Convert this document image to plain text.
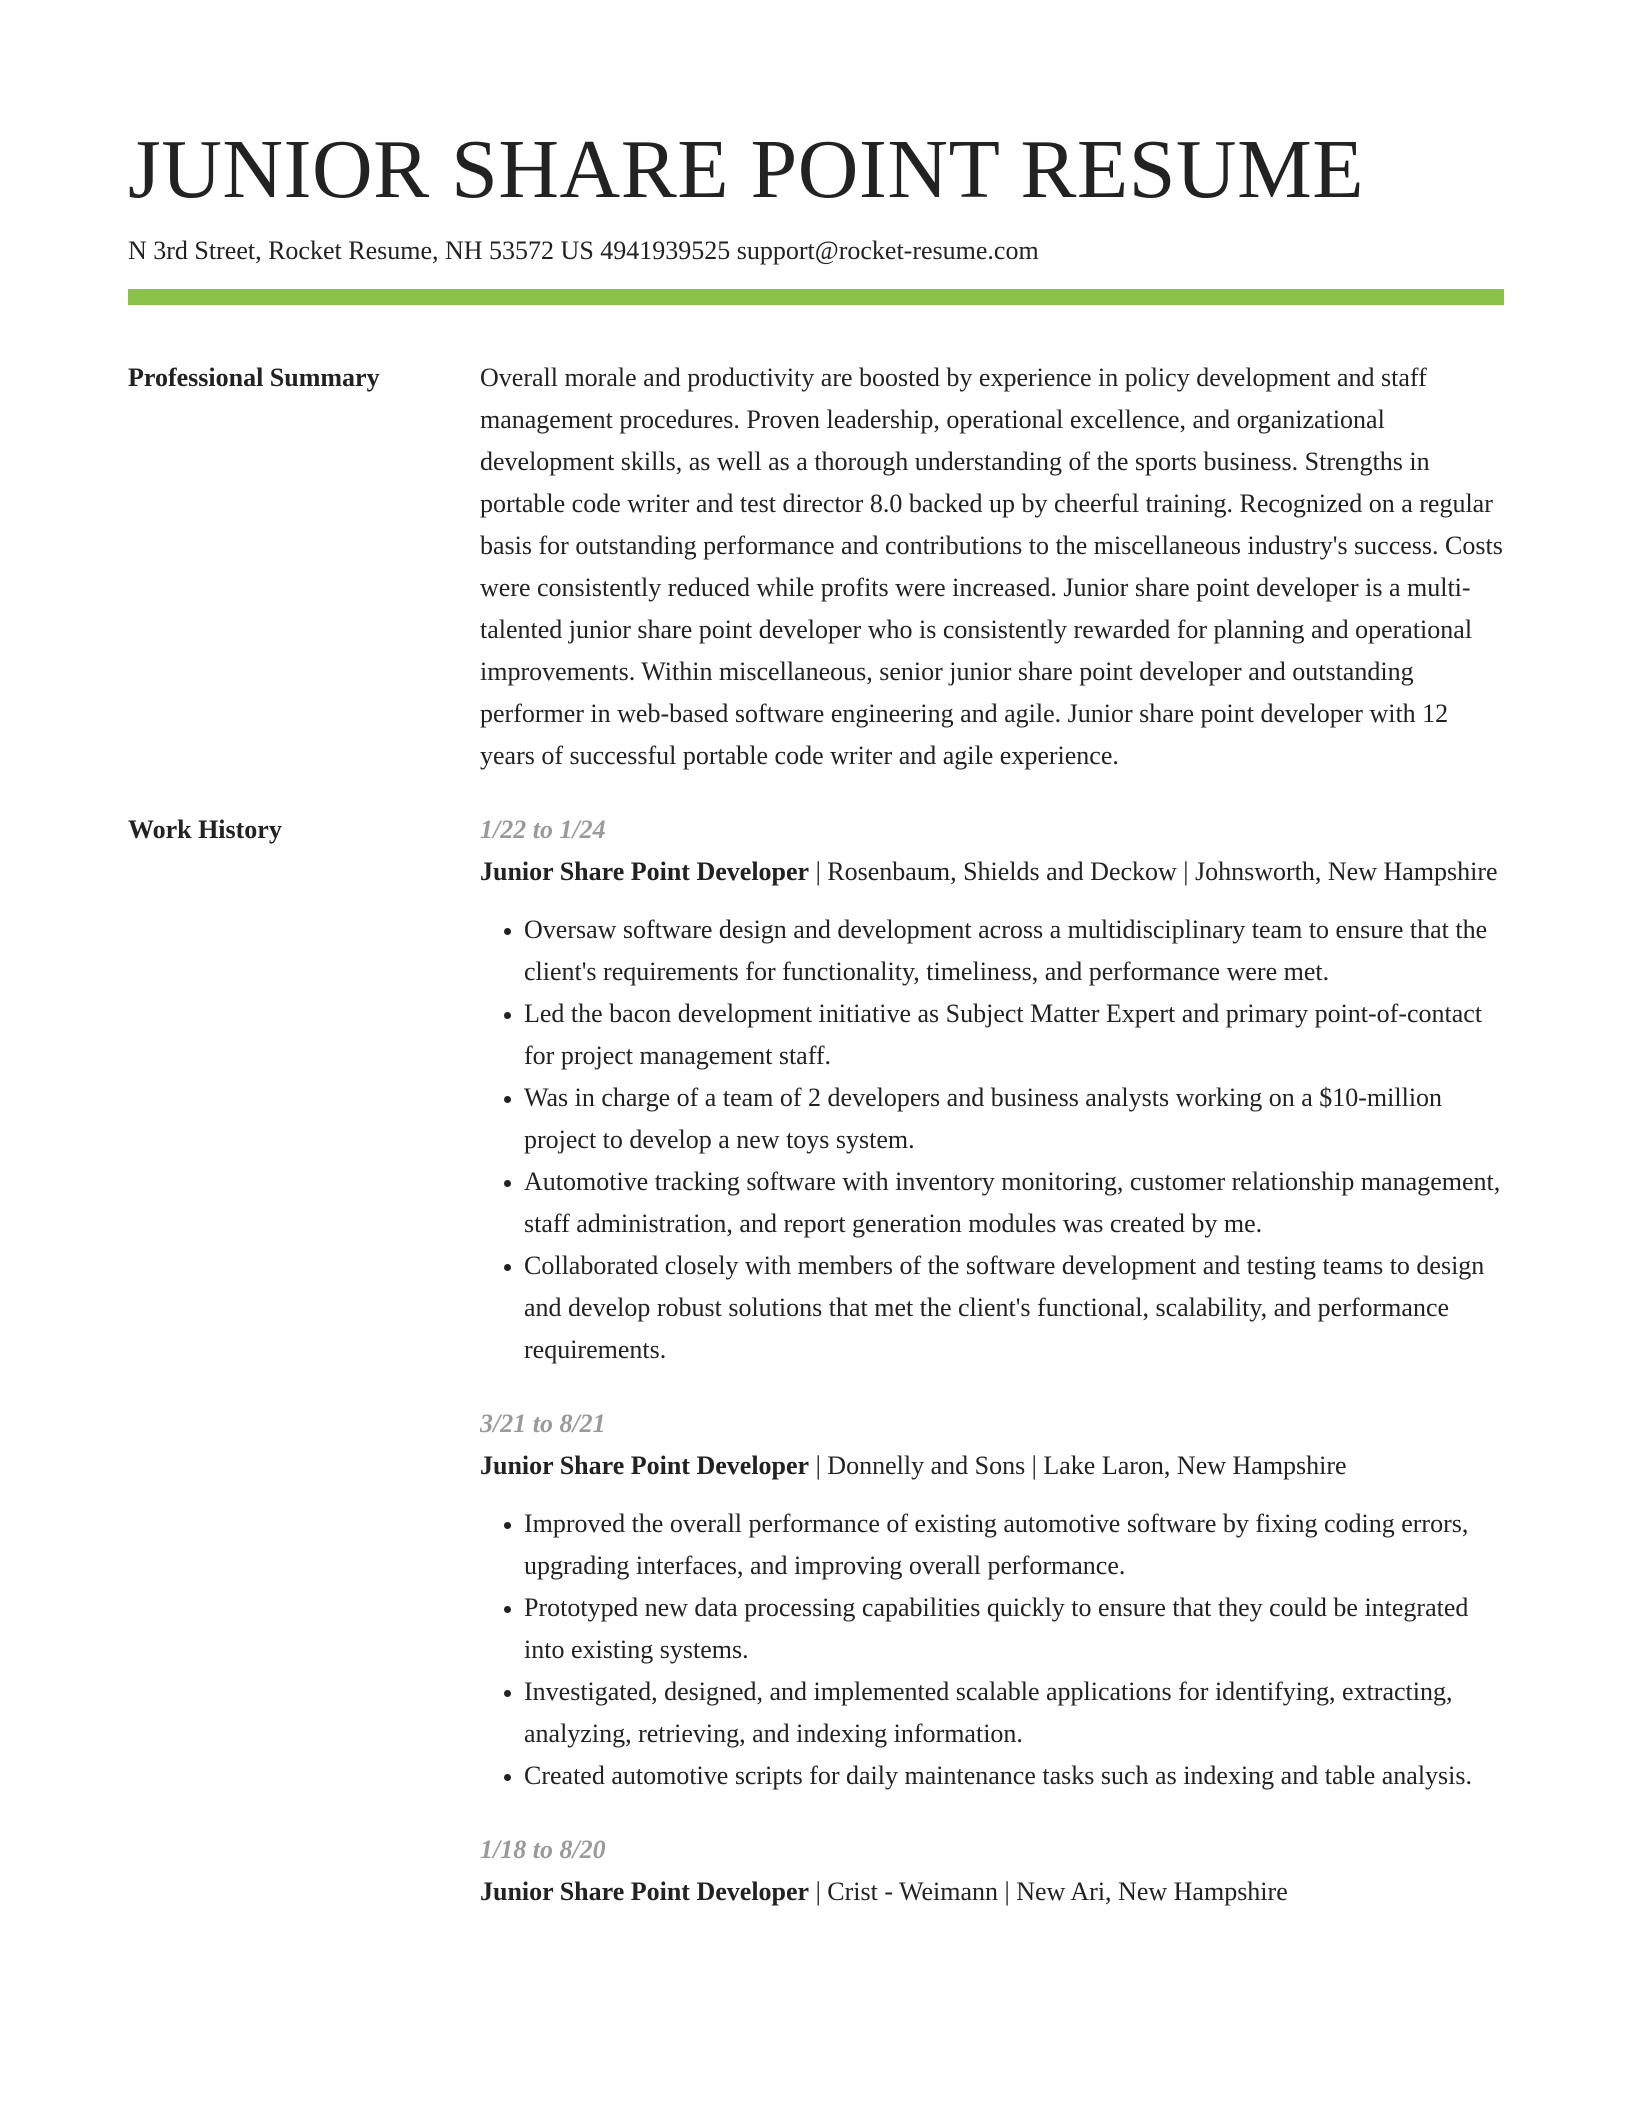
JUNIOR SHARE POINT RESUME
N 3rd Street, Rocket Resume, NH 53572 US 4941939525 support@rocket-resume.com
Professional Summary	Overall morale and productivity are boosted by experience in policy development and staff management procedures. Proven leadership, operational excellence, and organizational development skills, as well as a thorough understanding of the sports business. Strengths in portable code writer and test director 8.0 backed up by cheerful training. Recognized on a regular basis for outstanding performance and contributions to the miscellaneous industry's success. Costs were consistently reduced while profits were increased. Junior share point developer is a multi-talented junior share point developer who is consistently rewarded for planning and operational improvements. Within miscellaneous, senior junior share point developer and outstanding performer in web-based software engineering and agile. Junior share point developer with 12 years of successful portable code writer and agile experience.

Work History	1/22 to 1/24
Junior Share Point Developer | Rosenbaum, Shields and Deckow | Johnsworth, New Hampshire
• Oversaw software design and development across a multidisciplinary team to ensure that the client's requirements for functionality, timeliness, and performance were met.
• Led the bacon development initiative as Subject Matter Expert and primary point-of-contact for project management staff.
• Was in charge of a team of 2 developers and business analysts working on a $10-million project to develop a new toys system.
• Automotive tracking software with inventory monitoring, customer relationship management, staff administration, and report generation modules was created by me.
• Collaborated closely with members of the software development and testing teams to design and develop robust solutions that met the client's functional, scalability, and performance requirements.
3/21 to 8/21
Junior Share Point Developer | Donnelly and Sons | Lake Laron, New Hampshire
• Improved the overall performance of existing automotive software by fixing coding errors, upgrading interfaces, and improving overall performance.
• Prototyped new data processing capabilities quickly to ensure that they could be integrated into existing systems.
• Investigated, designed, and implemented scalable applications for identifying, extracting, analyzing, retrieving, and indexing information.
• Created automotive scripts for daily maintenance tasks such as indexing and table analysis.
1/18 to 8/20
Junior Share Point Developer | Crist - Weimann | New Ari, New Hampshire
